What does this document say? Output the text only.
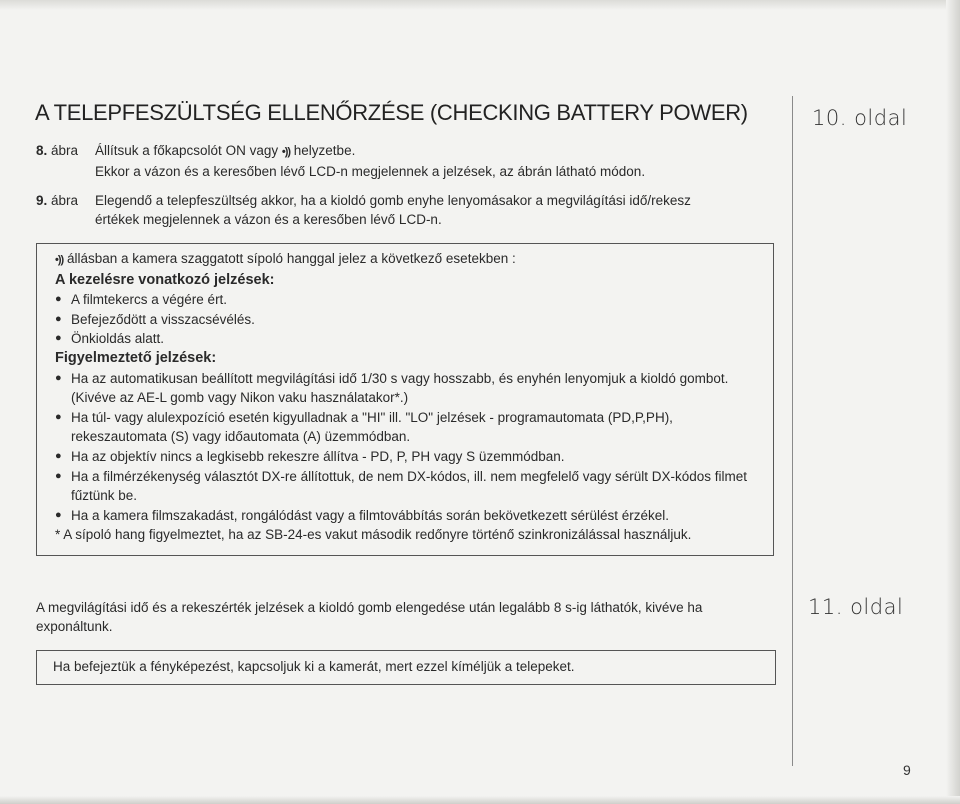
A TELEPFESZÜLTSÉG ELLENŐRZÉSE (CHECKING BATTERY POWER)	10. oldal
11. oldal
8. ábra Állítsuk a főkapcsolót ON vagy •)) helyzetbe.
Ekkor a vázon és a keresőben lévő LCD-n megjelennek a jelzések, az ábrán látható módon.
9. ábra Elegendő a telepfeszültség akkor, ha a kioldó gomb enyhe lenyomásakor a megvilágítási idő/rekesz
értékek megjelennek a vázon és a keresőben lévő LCD-n.

•)) állásban a kamera szaggatott sípoló hanggal jelez a következő esetekben :

A kezelésre vonatkozó jelzések:
● A filmtekercs a végére ért.
● Befejeződött a visszacsévélés.
● Önkioldás alatt.
Figyelmeztető jelzések:
● Ha az automatikusan beállított megvilágítási idő 1/30 s vagy hosszabb, és enyhén lenyomjuk a kioldó gombot. (Kivéve az AE-L gomb vagy Nikon vaku használatakor*.)
● Ha túl- vagy alulexpozíció esetén kigyulladnak a "HI" ill. "LO" jelzések - programautomata (PD,P,PH), rekeszautomata (S) vagy időautomata (A) üzemmódban.
● Ha az objektív nincs a legkisebb rekeszre állítva - PD, P, PH vagy S üzemmódban.
● Ha a filmérzékenység választót DX-re állítottuk, de nem DX-kódos, ill. nem megfelelő vagy sérült DX-kódos filmet fűztünk be.
● Ha a kamera filmszakadást, rongálódást vagy a filmtovábbítás során bekövetkezett sérülést érzékel.

* A sípoló hang figyelmeztet, ha az SB-24-es vakut második redőnyre történő szinkronizálással használjuk.

A megvilágítási idő és a rekeszérték jelzések a kioldó gomb elengedése után legalább 8 s-ig láthatók, kivéve ha exponáltunk.
Ha befejeztük a fényképezést, kapcsoljuk ki a kamerát, mert ezzel kíméljük a telepeket.
9
